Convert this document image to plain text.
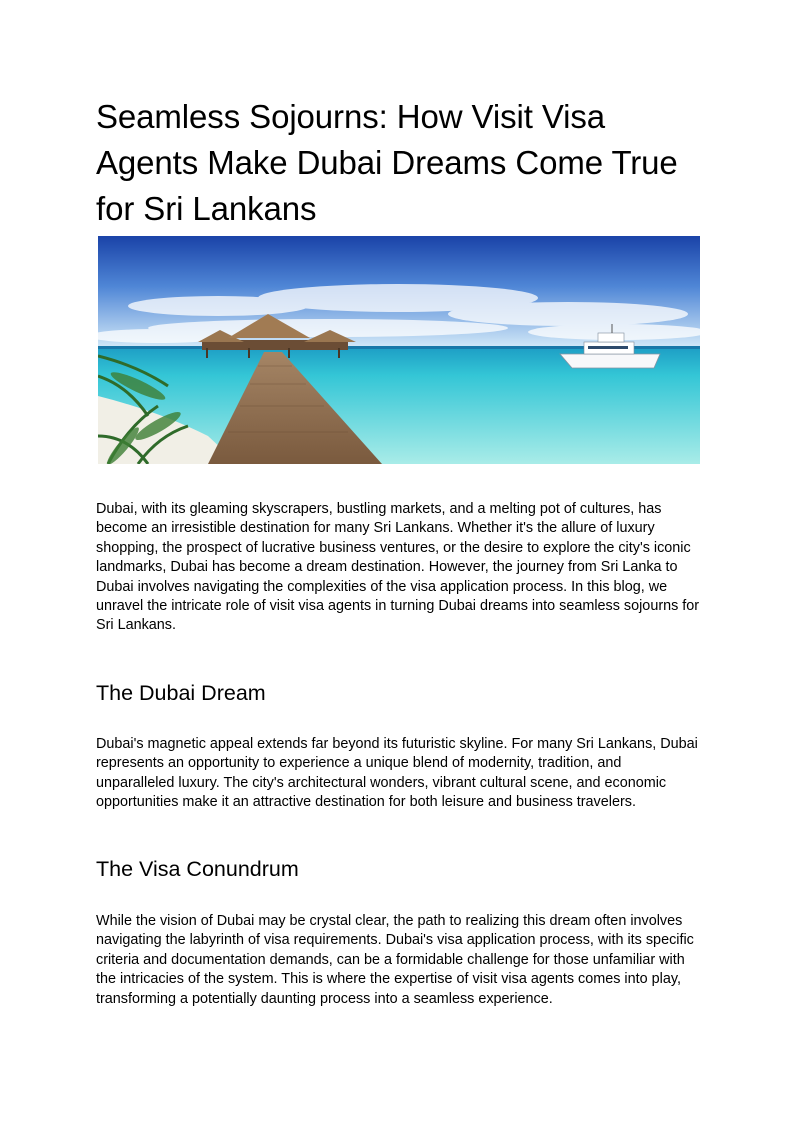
Seamless Sojourns: How Visit Visa Agents Make Dubai Dreams Come True for Sri Lankans

Dubai, with its gleaming skyscrapers, bustling markets, and a melting pot of cultures, has become an irresistible destination for many Sri Lankans. Whether it's the allure of luxury shopping, the prospect of lucrative business ventures, or the desire to explore the city's iconic landmarks, Dubai has become a dream destination. However, the journey from Sri Lanka to Dubai involves navigating the complexities of the visa application process. In this blog, we unravel the intricate role of visit visa agents in turning Dubai dreams into seamless sojourns for Sri Lankans.

The Dubai Dream

Dubai's magnetic appeal extends far beyond its futuristic skyline. For many Sri Lankans, Dubai represents an opportunity to experience a unique blend of modernity, tradition, and unparalleled luxury. The city's architectural wonders, vibrant cultural scene, and economic opportunities make it an attractive destination for both leisure and business travelers.

The Visa Conundrum

While the vision of Dubai may be crystal clear, the path to realizing this dream often involves navigating the labyrinth of visa requirements. Dubai's visa application process, with its specific criteria and documentation demands, can be a formidable challenge for those unfamiliar with the intricacies of the system. This is where the expertise of visit visa agents comes into play, transforming a potentially daunting process into a seamless experience.
